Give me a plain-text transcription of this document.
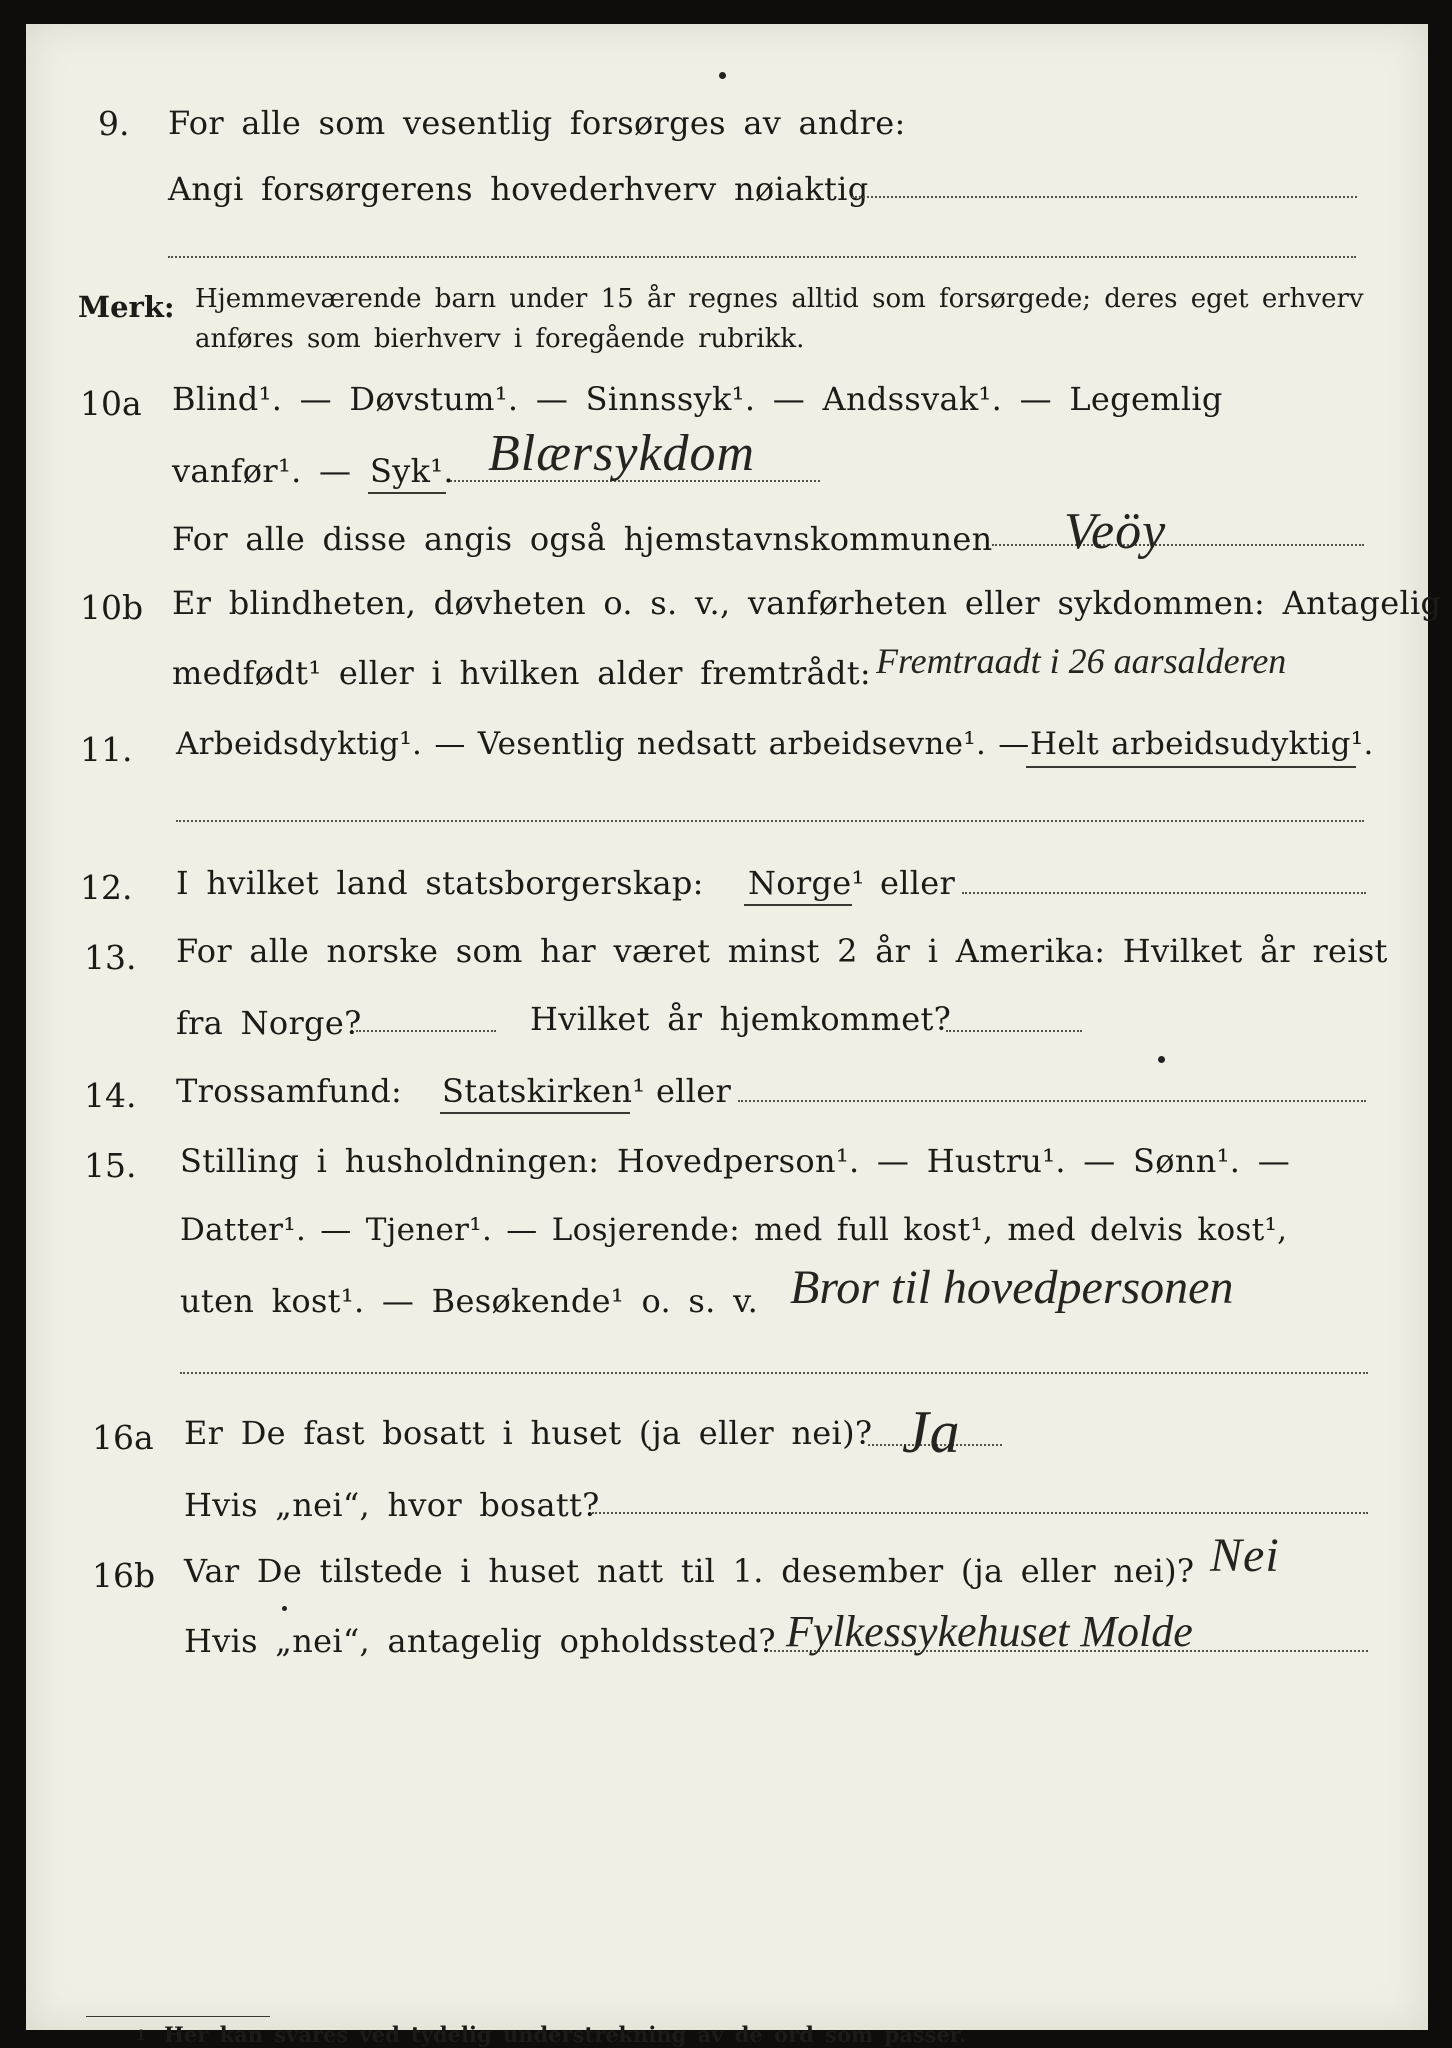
9. For alle som vesentlig forsørges av andre:
Angi forsørgerens hovederhverv nøiaktig
Merk: Hjemmeværende barn under 15 år regnes alltid som forsørgede; deres eget erhverv
anføres som bierhverv i foregående rubrikk.
10a Blind¹. — Døvstum¹. — Sinnssyk¹. — Andssvak¹. — Legemlig
vanfør¹. — Syk¹. Blærsykdom
For alle disse angis også hjemstavnskommunen Veöy
10b Er blindheten, døvheten o. s. v., vanførheten eller sykdommen: Antagelig
medfødt¹ eller i hvilken alder fremtrådt: Fremtraadt i 26 aarsalderen
11. Arbeidsdyktig¹. — Vesentlig nedsatt arbeidsevne¹. — Helt arbeidsudyktig¹.
12. I hvilket land statsborgerskap: Norge¹ eller
13. For alle norske som har været minst 2 år i Amerika: Hvilket år reist
fra Norge?	Hvilket år hjemkommet?
14. Trossamfund: Statskirken¹ eller
15. Stilling i husholdningen: Hovedperson¹. — Hustru¹. — Sønn¹. —
Datter¹. — Tjener¹. — Losjerende: med full kost¹, med delvis kost¹,
uten kost¹. — Besøkende¹ o. s. v. Bror til hovedpersonen
16a Er De fast bosatt i huset (ja eller nei)? Ja
Hvis „nei“, hvor bosatt?
16b Var De tilstede i huset natt til 1. desember (ja eller nei)? Nei
Hvis „nei“, antagelig opholdssted? Fylkessykehuset Molde
1 Her kan svares ved tydelig understrekning av de ord som passer.
